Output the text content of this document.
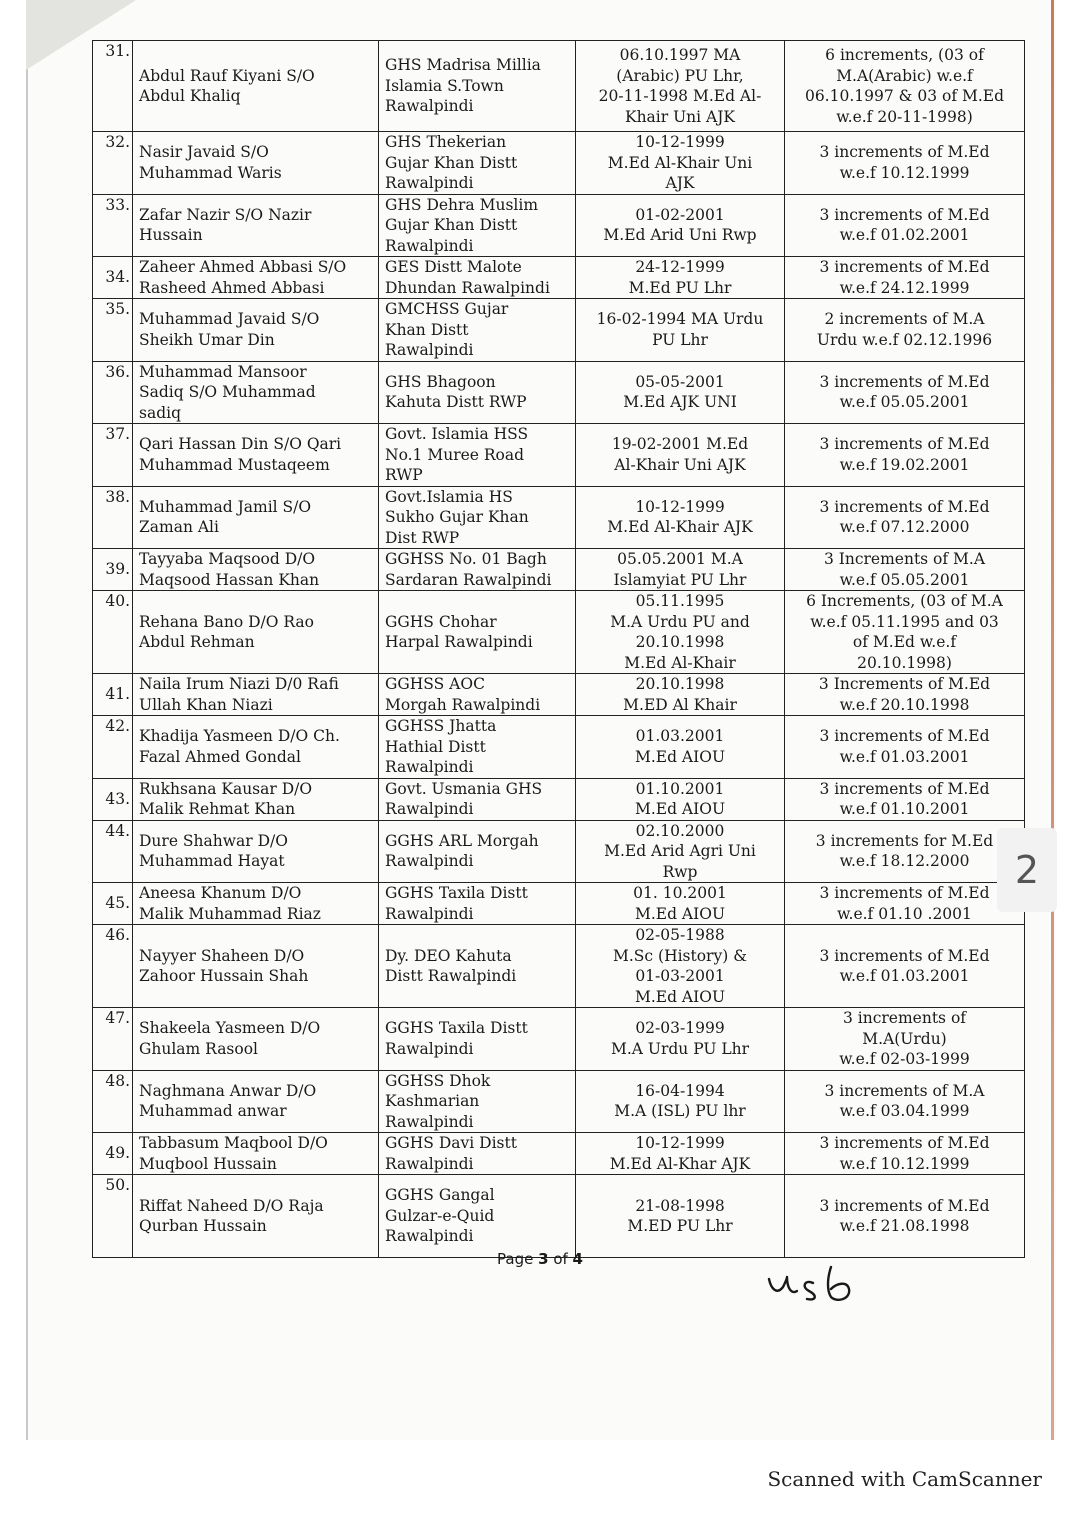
31.	Abdul Rauf Kiyani S/O
Abdul Khaliq	GHS Madrisa Millia
Islamia S.Town
Rawalpindi	06.10.1997 MA
(Arabic) PU Lhr,
20-11-1998 M.Ed Al-
Khair Uni AJK	6 increments, (03 of
M.A(Arabic) w.e.f
06.10.1997 & 03 of M.Ed
w.e.f 20-11-1998)

32.	Nasir Javaid S/O
Muhammad Waris	GHS Thekerian
Gujar Khan Distt
Rawalpindi	10-12-1999
M.Ed Al-Khair Uni
AJK	3 increments of M.Ed
w.e.f 10.12.1999

33.	Zafar Nazir S/O Nazir
Hussain	GHS Dehra Muslim
Gujar Khan Distt
Rawalpindi	01-02-2001
M.Ed Arid Uni Rwp	3 increments of M.Ed
w.e.f 01.02.2001

34.	Zaheer Ahmed Abbasi S/O
Rasheed Ahmed Abbasi	GES Distt Malote
Dhundan Rawalpindi	24-12-1999
M.Ed PU Lhr	3 increments of M.Ed
w.e.f 24.12.1999

35.	Muhammad Javaid S/O
Sheikh Umar Din	GMCHSS Gujar
Khan Distt
Rawalpindi	16-02-1994 MA Urdu
PU Lhr	2 increments of M.A
Urdu w.e.f 02.12.1996

36.	Muhammad Mansoor
Sadiq S/O Muhammad
sadiq	GHS Bhagoon
Kahuta Distt RWP	05-05-2001
M.Ed AJK UNI	3 increments of M.Ed
w.e.f 05.05.2001

37.	Qari Hassan Din S/O Qari
Muhammad Mustaqeem	Govt. Islamia HSS
No.1 Muree Road
RWP	19-02-2001 M.Ed
Al-Khair Uni AJK	3 increments of M.Ed
w.e.f 19.02.2001

38.	Muhammad Jamil S/O
Zaman Ali	Govt.Islamia HS
Sukho Gujar Khan
Dist RWP	10-12-1999
M.Ed Al-Khair AJK	3 increments of M.Ed
w.e.f 07.12.2000

39.	Tayyaba Maqsood D/O
Maqsood Hassan Khan	GGHSS No. 01 Bagh
Sardaran Rawalpindi	05.05.2001 M.A
Islamyiat PU Lhr	3 Increments of M.A
w.e.f 05.05.2001

40.	Rehana Bano D/O Rao
Abdul Rehman	GGHS Chohar
Harpal Rawalpindi	05.11.1995
M.A Urdu PU and
20.10.1998
M.Ed Al-Khair	6 Increments, (03 of M.A
w.e.f 05.11.1995 and 03
of M.Ed w.e.f
20.10.1998)

41.	Naila Irum Niazi D/0 Rafi
Ullah Khan Niazi	GGHSS AOC
Morgah Rawalpindi	20.10.1998
M.ED Al Khair	3 Increments of M.Ed
w.e.f 20.10.1998

42.	Khadija Yasmeen D/O Ch.
Fazal Ahmed Gondal	GGHSS Jhatta
Hathial Distt
Rawalpindi	01.03.2001
M.Ed AIOU	3 increments of M.Ed
w.e.f 01.03.2001

43.	Rukhsana Kausar D/O
Malik Rehmat Khan	Govt. Usmania GHS
Rawalpindi	01.10.2001
M.Ed AIOU	3 increments of M.Ed
w.e.f 01.10.2001

44.	Dure Shahwar D/O
Muhammad Hayat	GGHS ARL Morgah
Rawalpindi	02.10.2000
M.Ed Arid Agri Uni
Rwp	3 increments for M.Ed
w.e.f 18.12.2000

45.	Aneesa Khanum D/O
Malik Muhammad Riaz	GGHS Taxila Distt
Rawalpindi	01. 10.2001
M.Ed AIOU	3 increments of M.Ed
w.e.f 01.10 .2001

46.	Nayyer Shaheen D/O
Zahoor Hussain Shah	Dy. DEO Kahuta
Distt Rawalpindi	02-05-1988
M.Sc (History) &
01-03-2001
M.Ed AIOU	3 increments of M.Ed
w.e.f 01.03.2001

47.	Shakeela Yasmeen D/O
Ghulam Rasool	GGHS Taxila Distt
Rawalpindi	02-03-1999
M.A Urdu PU Lhr	3 increments of
M.A(Urdu)
w.e.f 02-03-1999

48.	Naghmana Anwar D/O
Muhammad anwar	GGHSS Dhok
Kashmarian
Rawalpindi	16-04-1994
M.A (ISL) PU lhr	3 increments of M.A
w.e.f 03.04.1999

49.	Tabbasum Maqbool D/O
Muqbool Hussain	GGHS Davi Distt
Rawalpindi	10-12-1999
M.Ed Al-Khar AJK	3 increments of M.Ed
w.e.f 10.12.1999

50.	Riffat Naheed D/O Raja
Qurban Hussain	GGHS Gangal
Gulzar-e-Quid
Rawalpindi	21-08-1998
M.ED PU Lhr	3 increments of M.Ed
w.e.f 21.08.1998
Page 3 of 4
2
Scanned with CamScanner
